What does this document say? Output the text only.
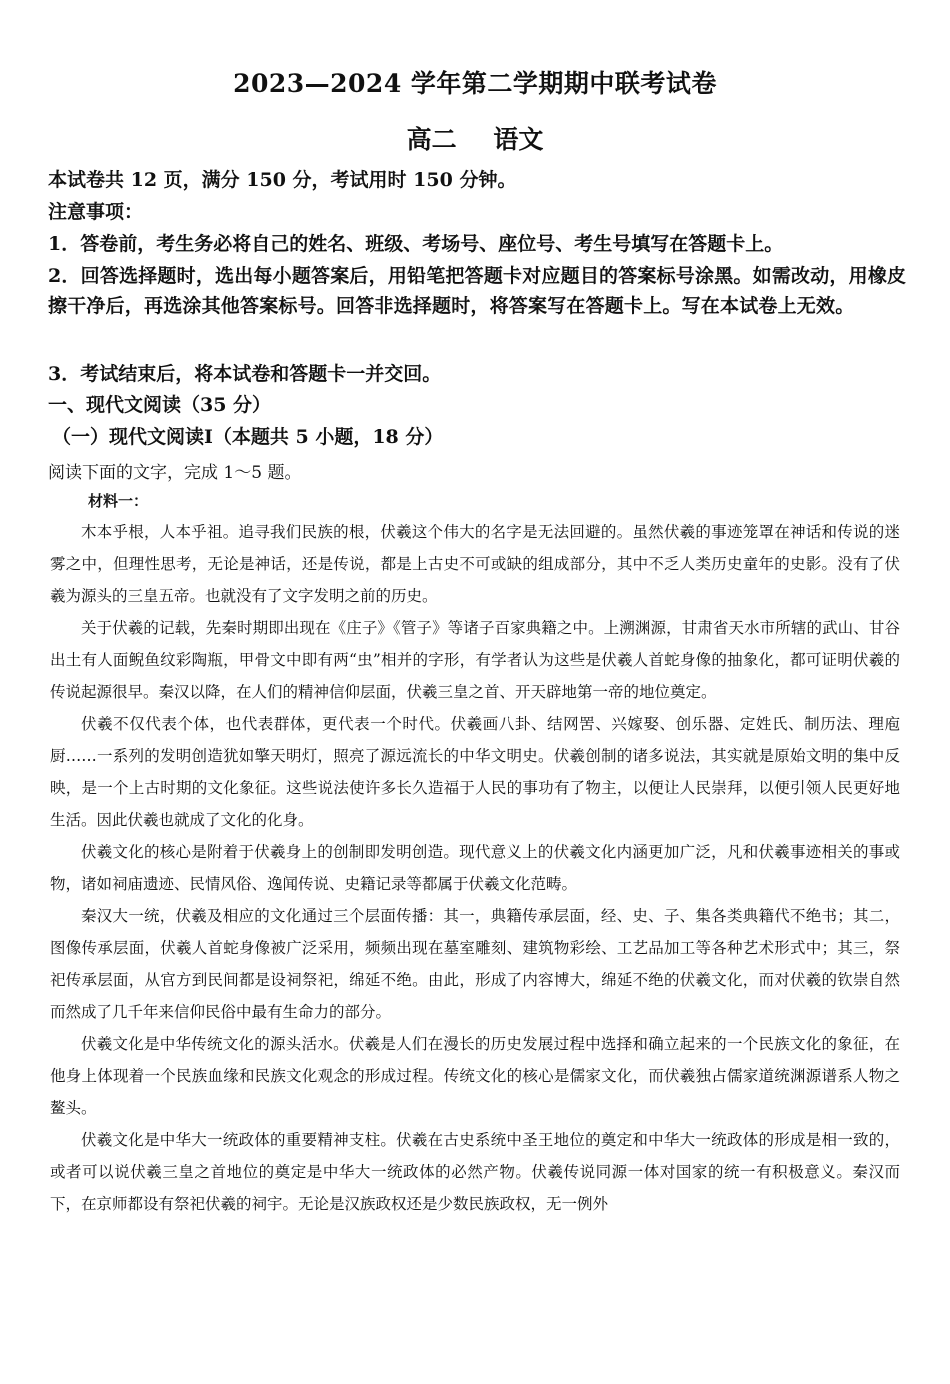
2023—2024 学年第二学期期中联考试卷
高二 语文
本试卷共 12 页，满分 150 分，考试用时 150 分钟。
注意事项：
1．答卷前，考生务必将自己的姓名、班级、考场号、座位号、考生号填写在答题卡上。
2．回答选择题时，选出每小题答案后，用铅笔把答题卡对应题目的答案标号涂黑。如需改动，用橡皮擦干净后，再选涂其他答案标号。回答非选择题时，将答案写在答题卡上。写在本试卷上无效。
3．考试结束后，将本试卷和答题卡一并交回。
一、现代文阅读（35 分）
（一）现代文阅读Ⅰ（本题共 5 小题，18 分）
阅读下面的文字，完成 1～5 题。
材料一：

木本乎根，人本乎祖。追寻我们民族的根，伏羲这个伟大的名字是无法回避的。虽然伏羲的事迹笼罩在神话和传说的迷雾之中，但理性思考，无论是神话，还是传说，都是上古史不可或缺的组成部分，其中不乏人类历史童年的史影。没有了伏羲为源头的三皇五帝。也就没有了文字发明之前的历史。

关于伏羲的记载，先秦时期即出现在《庄子》《管子》等诸子百家典籍之中。上溯渊源，甘肃省天水市所辖的武山、甘谷出土有人面鲵鱼纹彩陶瓶，甲骨文中即有两“虫”相并的字形，有学者认为这些是伏羲人首蛇身像的抽象化，都可证明伏羲的传说起源很早。秦汉以降，在人们的精神信仰层面，伏羲三皇之首、开天辟地第一帝的地位奠定。

伏羲不仅代表个体，也代表群体，更代表一个时代。伏羲画八卦、结网罟、兴嫁娶、创乐器、定姓氏、制历法、理庖厨……一系列的发明创造犹如擎天明灯，照亮了源远流长的中华文明史。伏羲创制的诸多说法，其实就是原始文明的集中反映，是一个上古时期的文化象征。这些说法使许多长久造福于人民的事功有了物主，以便让人民崇拜，以便引领人民更好地生活。因此伏羲也就成了文化的化身。

伏羲文化的核心是附着于伏羲身上的创制即发明创造。现代意义上的伏羲文化内涵更加广泛，凡和伏羲事迹相关的事或物，诸如祠庙遗迹、民情风俗、逸闻传说、史籍记录等都属于伏羲文化范畴。

秦汉大一统，伏羲及相应的文化通过三个层面传播：其一，典籍传承层面，经、史、子、集各类典籍代不绝书；其二，图像传承层面，伏羲人首蛇身像被广泛采用，频频出现在墓室雕刻、建筑物彩绘、工艺品加工等各种艺术形式中；其三，祭祀传承层面，从官方到民间都是设祠祭祀，绵延不绝。由此，形成了内容博大，绵延不绝的伏羲文化，而对伏羲的钦崇自然而然成了几千年来信仰民俗中最有生命力的部分。

伏羲文化是中华传统文化的源头活水。伏羲是人们在漫长的历史发展过程中选择和确立起来的一个民族文化的象征，在他身上体现着一个民族血缘和民族文化观念的形成过程。传统文化的核心是儒家文化，而伏羲独占儒家道统渊源谱系人物之鳌头。

伏羲文化是中华大一统政体的重要精神支柱。伏羲在古史系统中圣王地位的奠定和中华大一统政体的形成是相一致的，或者可以说伏羲三皇之首地位的奠定是中华大一统政体的必然产物。伏羲传说同源一体对国家的统一有积极意义。秦汉而下，在京师都设有祭祀伏羲的祠宇。无论是汉族政权还是少数民族政权，无一例外
